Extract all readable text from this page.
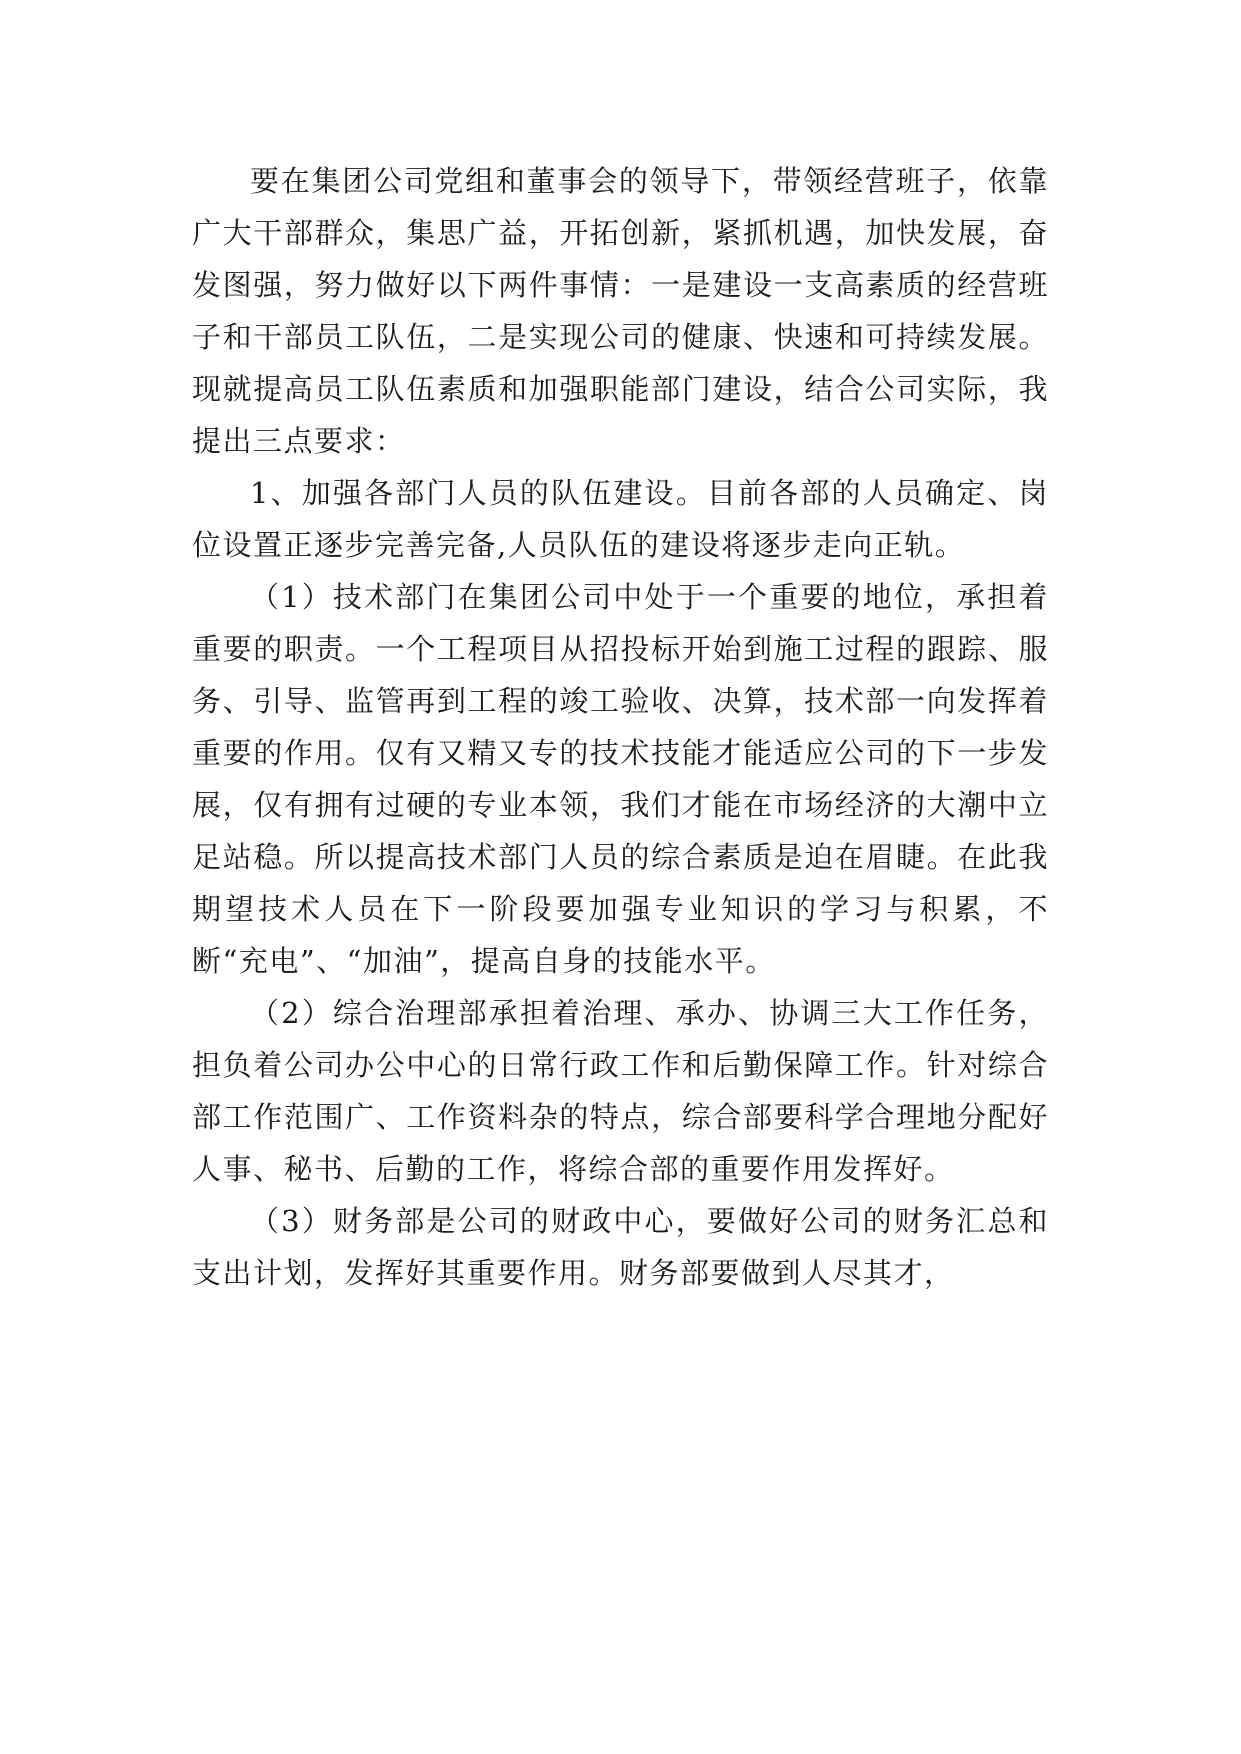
要在集团公司党组和董事会的领导下，带领经营班子，依靠广大干部群众，集思广益，开拓创新，紧抓机遇，加快发展，奋发图强，努力做好以下两件事情：一是建设一支高素质的经营班子和干部员工队伍，二是实现公司的健康、快速和可持续发展。现就提高员工队伍素质和加强职能部门建设，结合公司实际，我提出三点要求：

1、加强各部门人员的队伍建设。目前各部的人员确定、岗位设置正逐步完善完备,人员队伍的建设将逐步走向正轨。

（1）技术部门在集团公司中处于一个重要的地位，承担着重要的职责。一个工程项目从招投标开始到施工过程的跟踪、服务、引导、监管再到工程的竣工验收、决算，技术部一向发挥着重要的作用。仅有又精又专的技术技能才能适应公司的下一步发展，仅有拥有过硬的专业本领，我们才能在市场经济的大潮中立足站稳。所以提高技术部门人员的综合素质是迫在眉睫。在此我期望技术人员在下一阶段要加强专业知识的学习与积累，不断“充电”、“加油”，提高自身的技能水平。

（2）综合治理部承担着治理、承办、协调三大工作任务，担负着公司办公中心的日常行政工作和后勤保障工作。针对综合部工作范围广、工作资料杂的特点，综合部要科学合理地分配好人事、秘书、后勤的工作，将综合部的重要作用发挥好。

（3）财务部是公司的财政中心，要做好公司的财务汇总和支出计划，发挥好其重要作用。财务部要做到人尽其才，
